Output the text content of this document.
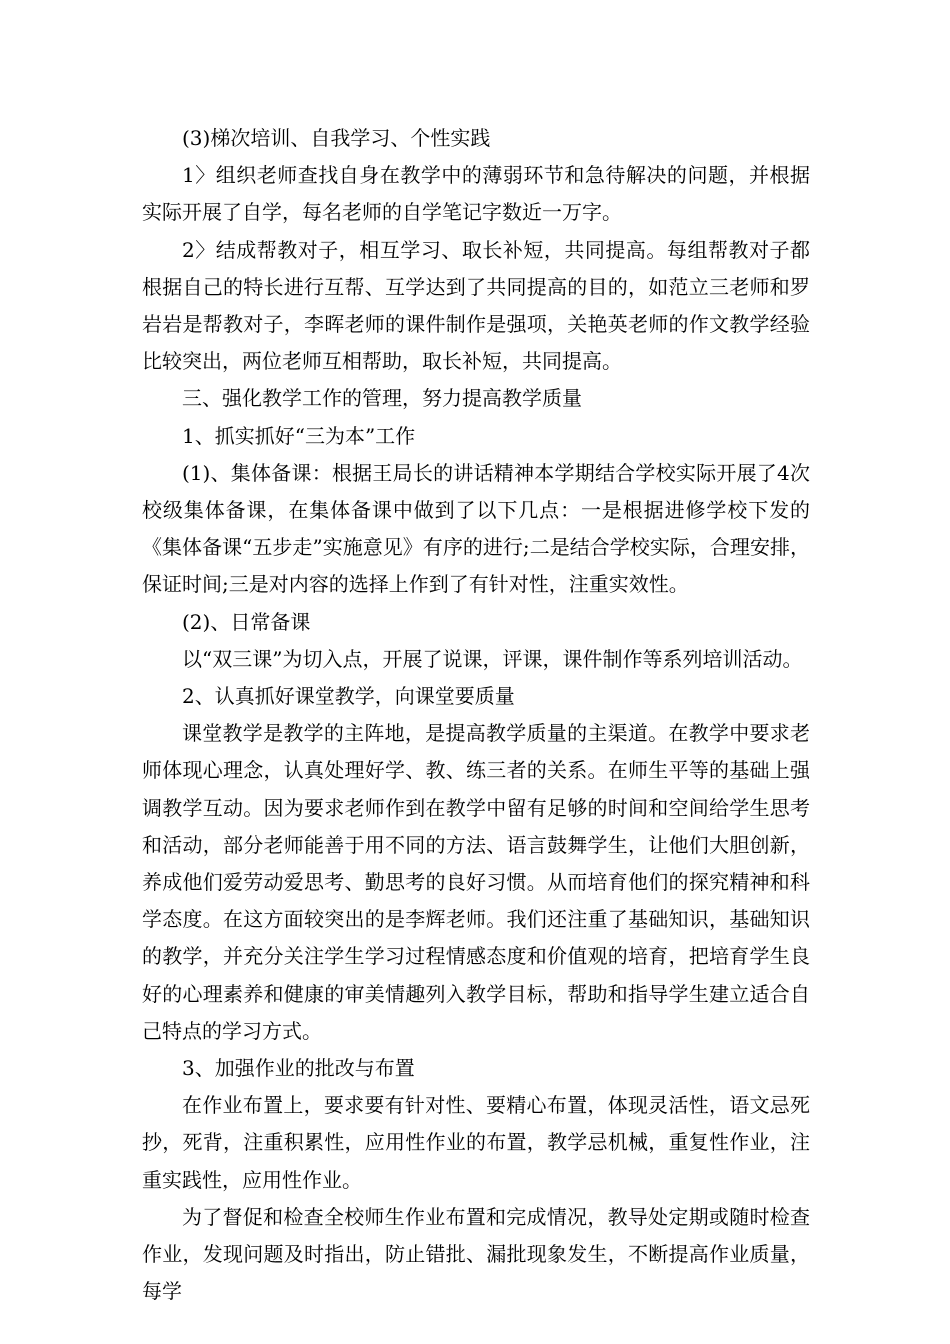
(3)梯次培训、自我学习、个性实践

1〉组织老师查找自身在教学中的薄弱环节和急待解决的问题，并根据实际开展了自学，每名老师的自学笔记字数近一万字。

2〉结成帮教对子，相互学习、取长补短，共同提高。每组帮教对子都根据自己的特长进行互帮、互学达到了共同提高的目的，如范立三老师和罗岩岩是帮教对子，李晖老师的课件制作是强项，关艳英老师的作文教学经验比较突出，两位老师互相帮助，取长补短，共同提高。

三、强化教学工作的管理，努力提高教学质量

1、抓实抓好“三为本”工作

(1)、集体备课：根据王局长的讲话精神本学期结合学校实际开展了4次校级集体备课，在集体备课中做到了以下几点：一是根据进修学校下发的《集体备课“五步走”实施意见》有序的进行;二是结合学校实际，合理安排，保证时间;三是对内容的选择上作到了有针对性，注重实效性。

(2)、日常备课

以“双三课”为切入点，开展了说课，评课，课件制作等系列培训活动。

2、认真抓好课堂教学，向课堂要质量

课堂教学是教学的主阵地，是提高教学质量的主渠道。在教学中要求老师体现心理念，认真处理好学、教、练三者的关系。在师生平等的基础上强调教学互动。因为要求老师作到在教学中留有足够的时间和空间给学生思考和活动，部分老师能善于用不同的方法、语言鼓舞学生，让他们大胆创新，养成他们爱劳动爱思考、勤思考的良好习惯。从而培育他们的探究精神和科学态度。在这方面较突出的是李辉老师。我们还注重了基础知识，基础知识的教学，并充分关注学生学习过程情感态度和价值观的培育，把培育学生良好的心理素养和健康的审美情趣列入教学目标，帮助和指导学生建立适合自己特点的学习方式。

3、加强作业的批改与布置

在作业布置上，要求要有针对性、要精心布置，体现灵活性，语文忌死抄，死背，注重积累性，应用性作业的布置，教学忌机械，重复性作业，注重实践性，应用性作业。

为了督促和检查全校师生作业布置和完成情况，教导处定期或随时检查作业，发现问题及时指出，防止错批、漏批现象发生，不断提高作业质量，每学
